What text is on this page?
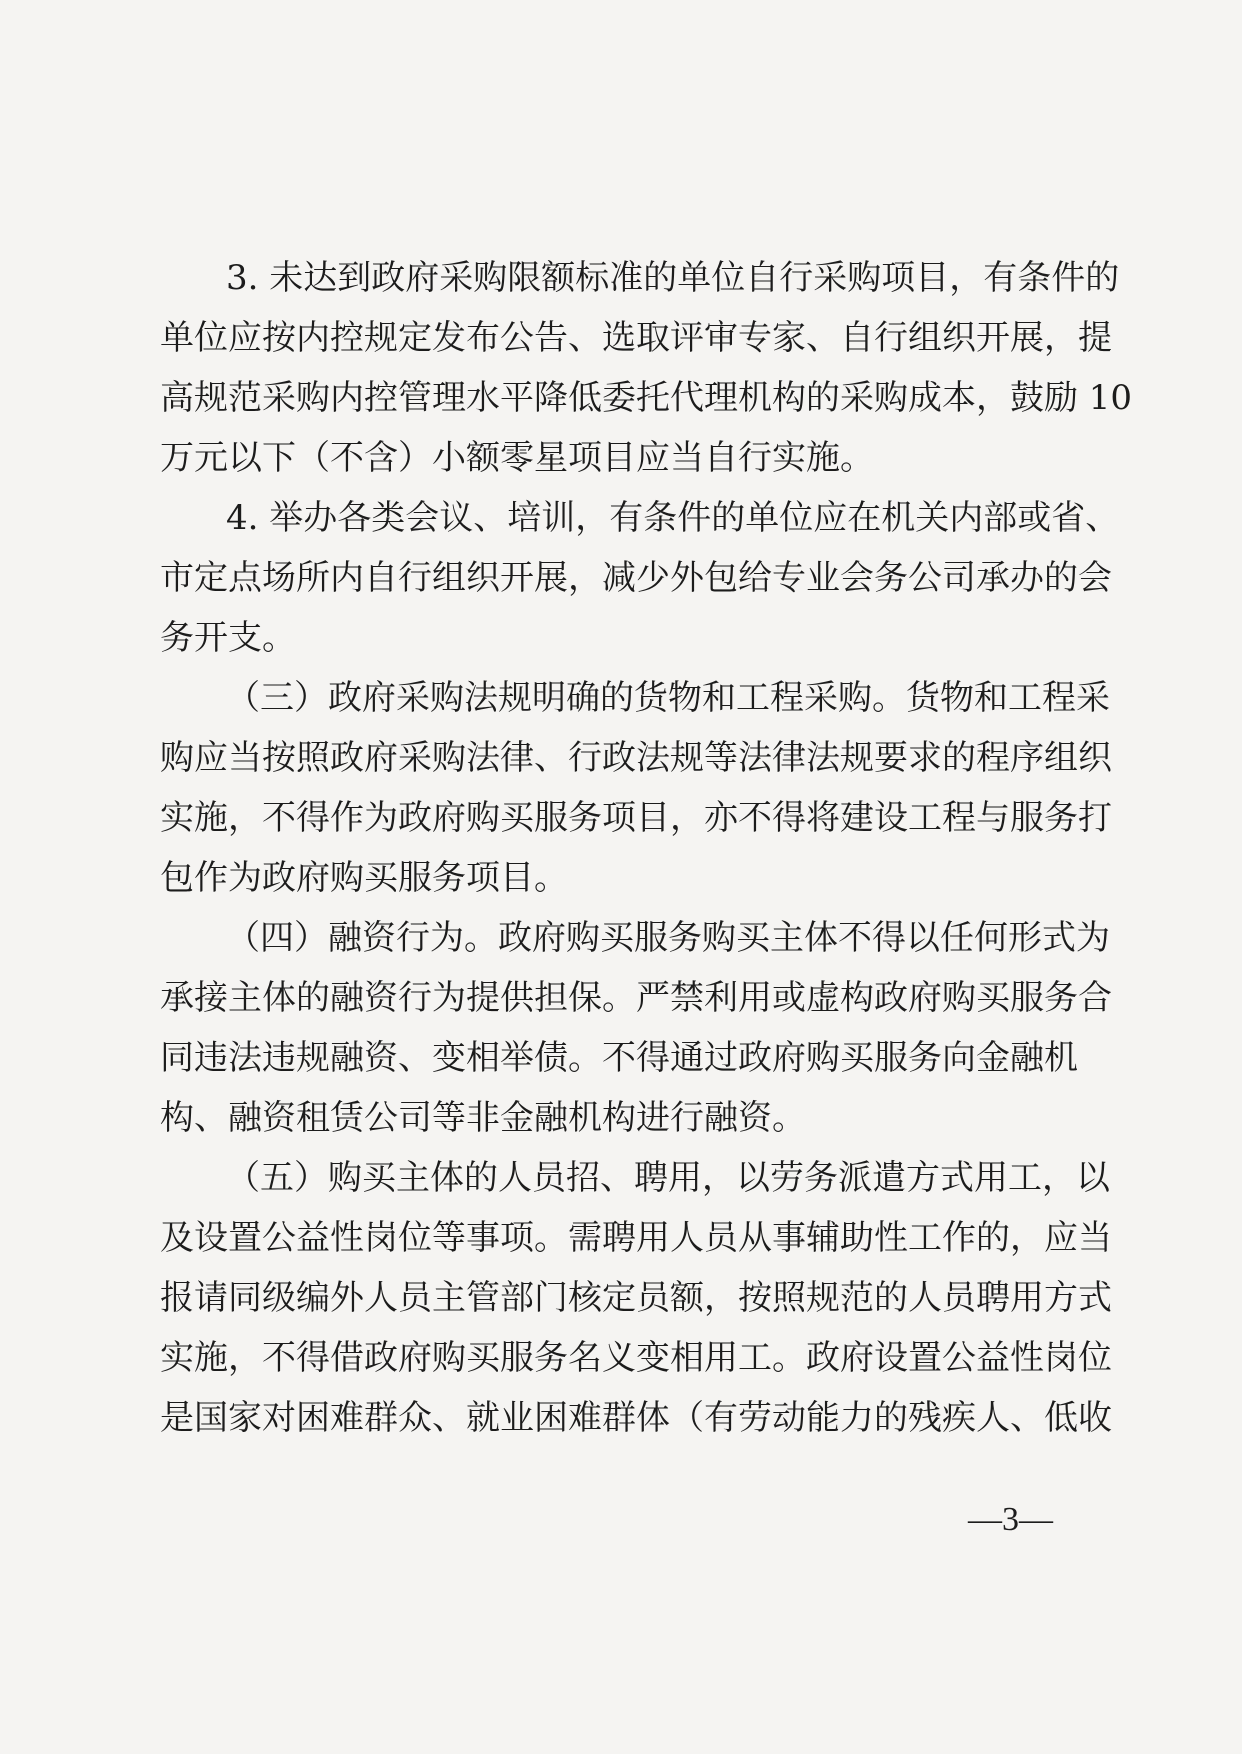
3. 未达到政府采购限额标准的单位自行采购项目，有条件的
单位应按内控规定发布公告、选取评审专家、自行组织开展，提
高规范采购内控管理水平降低委托代理机构的采购成本，鼓励 10
万元以下（不含）小额零星项目应当自行实施。
4. 举办各类会议、培训，有条件的单位应在机关内部或省、
市定点场所内自行组织开展，减少外包给专业会务公司承办的会
务开支。
（三）政府采购法规明确的货物和工程采购。货物和工程采
购应当按照政府采购法律、行政法规等法律法规要求的程序组织
实施，不得作为政府购买服务项目，亦不得将建设工程与服务打
包作为政府购买服务项目。
（四）融资行为。政府购买服务购买主体不得以任何形式为
承接主体的融资行为提供担保。严禁利用或虚构政府购买服务合
同违法违规融资、变相举债。不得通过政府购买服务向金融机
构、融资租赁公司等非金融机构进行融资。
（五）购买主体的人员招、聘用，以劳务派遣方式用工，以
及设置公益性岗位等事项。需聘用人员从事辅助性工作的，应当
报请同级编外人员主管部门核定员额，按照规范的人员聘用方式
实施，不得借政府购买服务名义变相用工。政府设置公益性岗位
是国家对困难群众、就业困难群体（有劳动能力的残疾人、低收
—3—
